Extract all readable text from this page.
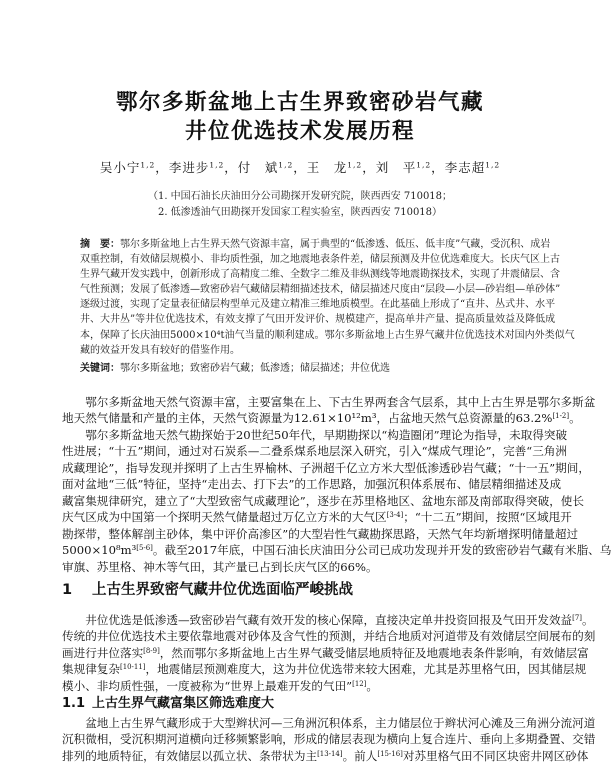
鄂尔多斯盆地上古生界致密砂岩气藏
井位优选技术发展历程
吴小宁$^{1,2}$，李进步$^{1,2}$，付　斌$^{1,2}$，王　龙$^{1,2}$，刘　平$^{1,2}$，李志超$^{1,2}$
（1. 中国石油长庆油田分公司勘探开发研究院，陕西西安 710018；
2. 低渗透油气田勘探开发国家工程实验室，陕西西安 710018）
摘　要：鄂尔多斯盆地上古生界天然气资源丰富，属于典型的“低渗透、低压、低丰度”气藏，受沉积、成岩
双重控制，有效储层规模小、非均质性强，加之地震地表条件差，储层预测及井位优选难度大。长庆气区上古
生界气藏开发实践中，创新形成了高精度二维、全数字二维及非纵测线等地震勘探技术，实现了井震储层、含
气性预测；发展了低渗透—致密砂岩气藏储层精细描述技术，储层描述尺度由“层段—小层—砂岩组—单砂体”
逐级过渡，实现了定量表征储层构型单元及建立精准三维地质模型。在此基础上形成了“直井、丛式井、水平
井、大井丛”等井位优选技术，有效支撑了气田开发评价、规模建产，提高单井产量、提高质量效益及降低成
本，保障了长庆油田5000×10⁴t油气当量的顺利建成。鄂尔多斯盆地上古生界气藏井位优选技术对国内外类似气
藏的效益开发具有较好的借鉴作用。
关键词：鄂尔多斯盆地；致密砂岩气藏；低渗透；储层描述；井位优选
鄂尔多斯盆地天然气资源丰富，主要富集在上、下古生界两套含气层系，其中上古生界是鄂尔多斯盆
地天然气储量和产量的主体，天然气资源量为12.61×10¹²m³，占盆地天然气总资源量的63.2%[1-2]。
鄂尔多斯盆地天然气勘探始于20世纪50年代，早期勘探以“构造圈闭”理论为指导，未取得突破
性进展；“十五”期间，通过对石炭系—二叠系煤系地层深入研究，引入“煤成气理论”，完善“三角洲
成藏理论”，指导发现并探明了上古生界榆林、子洲超千亿立方米大型低渗透砂岩气藏；“十一五”期间，
面对盆地“三低”特征，坚持“走出去、打下去”的工作思路，加强沉积体系展布、储层精细描述及成
藏富集规律研究，建立了“大型致密气成藏理论”，逐步在苏里格地区、盆地东部及南部取得突破，使长
庆气区成为中国第一个探明天然气储量超过万亿立方米的大气区[3-4]；“十二五”期间，按照“区域甩开
勘探带，整体解剖主砂体，集中评价高渗区”的大型岩性气藏勘探思路，天然气年均新增探明储量超过
5000×10⁸m³[5-6]。截至2017年底，中国石油长庆油田分公司已成功发现并开发的致密砂岩气藏有米脂、乌
审旗、苏里格、神木等气田，其产量已占到长庆气区的66%。
1 上古生界致密气藏井位优选面临严峻挑战
井位优选是低渗透—致密砂岩气藏有效开发的核心保障，直接决定单井投资回报及气田开发效益[7]。
传统的井位优选技术主要依靠地震对砂体及含气性的预测，并结合地质对河道带及有效储层空间展布的刻
画进行井位落实[8-9]，然而鄂尔多斯盆地上古生界气藏受储层地质特征及地震地表条件影响，有效储层富
集规律复杂[10-11]，地震储层预测难度大，这为井位优选带来较大困难，尤其是苏里格气田，因其储层规
模小、非均质性强，一度被称为“世界上最难开发的气田”[12]。
1.1 上古生界气藏富集区筛选难度大
盆地上古生界气藏形成于大型辫状河—三角洲沉积体系，主力储层位于辫状河心滩及三角洲分流河道
沉积微相，受沉积期河道横向迁移频繁影响，形成的储层表现为横向上复合连片、垂向上多期叠置、交错
排列的地质特征，有效储层以孤立状、条带状为主[13-14]。前人[15-16]对苏里格气田不同区块密井网区砂体
